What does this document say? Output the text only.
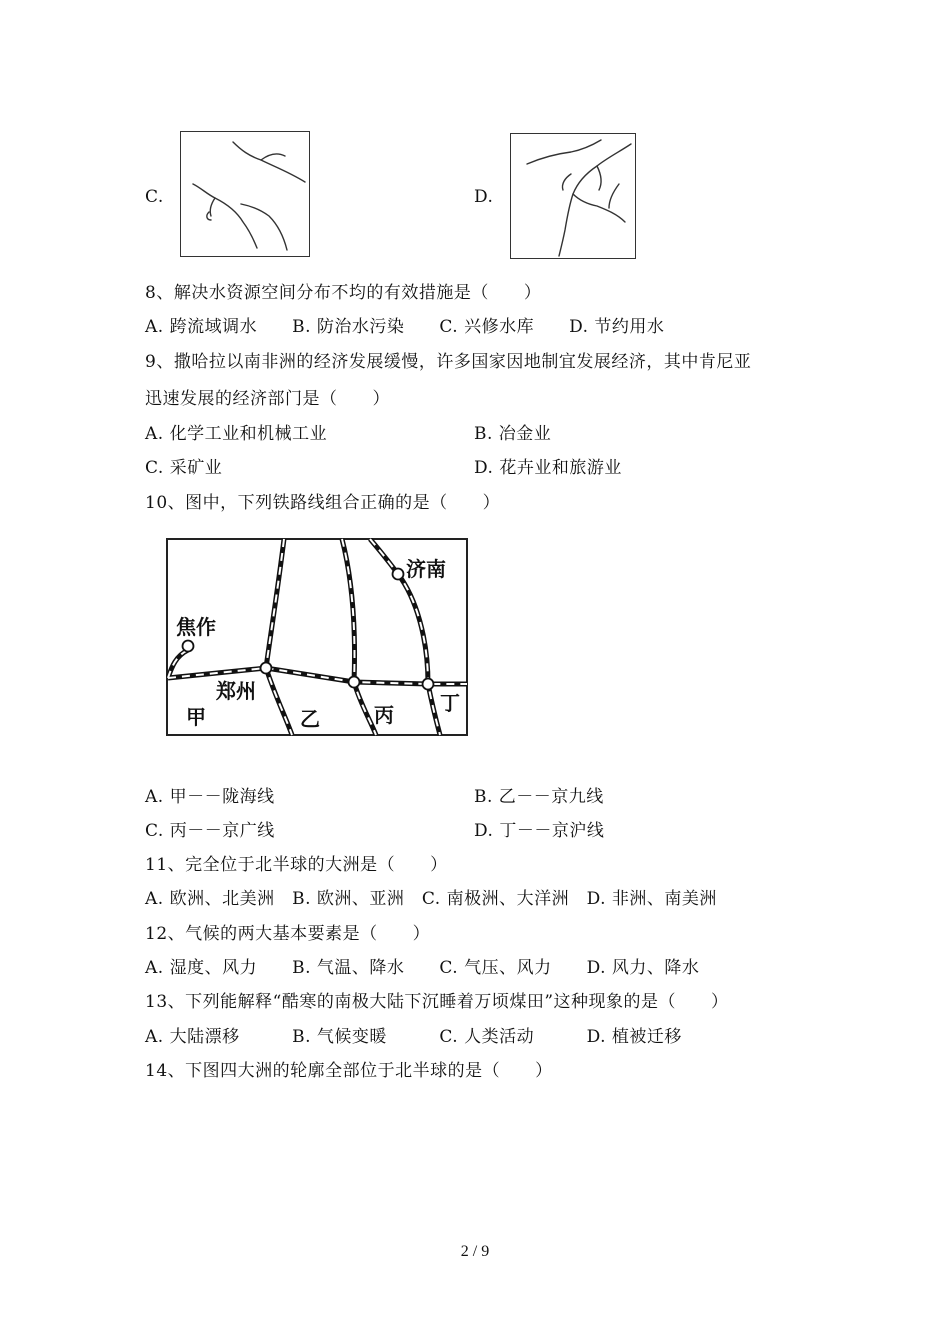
C.	D.
8、解决水资源空间分布不均的有效措施是（　　）
A. 跨流域调水　　B. 防治水污染　　C. 兴修水库　　D. 节约用水
9、撒哈拉以南非洲的经济发展缓慢，许多国家因地制宜发展经济，其中肯尼亚
迅速发展的经济部门是（　　）
A. 化学工业和机械工业	B. 冶金业
C. 采矿业	D. 花卉业和旅游业
10、图中，下列铁路线组合正确的是（　　）
济南
焦作
郑州
甲	乙	丙 丁
A. 甲－－陇海线	B. 乙－－京九线
C. 丙－－京广线	D. 丁－－京沪线
11、完全位于北半球的大洲是（　　）
A. 欧洲、北美洲　B. 欧洲、亚洲　C. 南极洲、大洋洲　D. 非洲、南美洲
12、气候的两大基本要素是（　　）
A. 湿度、风力　　B. 气温、降水　　C. 气压、风力　　D. 风力、降水
13、下列能解释“酷寒的南极大陆下沉睡着万顷煤田”这种现象的是（　　）
A. 大陆漂移　　　B. 气候变暖　　　C. 人类活动　　　D. 植被迁移
14、下图四大洲的轮廓全部位于北半球的是（　　）
2 / 9
